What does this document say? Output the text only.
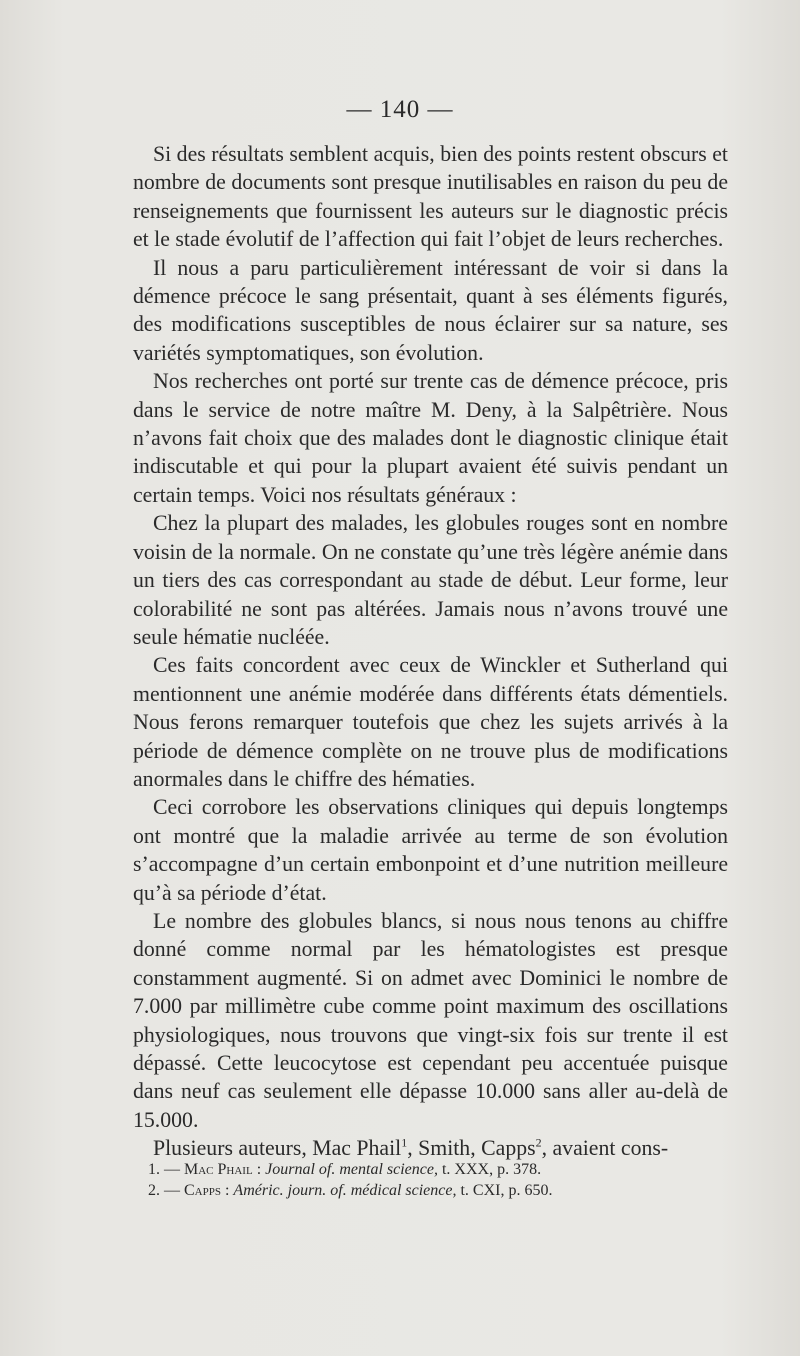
— 140 —

Si des résultats semblent acquis, bien des points restent obscurs et nombre de documents sont presque inutilisables en raison du peu de renseignements que fournissent les auteurs sur le diagnostic précis et le stade évolutif de l’affection qui fait l’objet de leurs recherches.

Il nous a paru particulièrement intéressant de voir si dans la démence précoce le sang présentait, quant à ses éléments figurés, des modifications susceptibles de nous éclairer sur sa nature, ses variétés symptomatiques, son évolution.

Nos recherches ont porté sur trente cas de démence précoce, pris dans le service de notre maître M. Deny, à la Salpêtrière. Nous n’avons fait choix que des malades dont le diagnostic clinique était indiscutable et qui pour la plupart avaient été suivis pendant un certain temps. Voici nos résultats généraux :

Chez la plupart des malades, les globules rouges sont en nombre voisin de la normale. On ne constate qu’une très légère anémie dans un tiers des cas correspondant au stade de début. Leur forme, leur colorabilité ne sont pas altérées. Jamais nous n’avons trouvé une seule hématie nucléée.

Ces faits concordent avec ceux de Winckler et Sutherland qui mentionnent une anémie modérée dans différents états démentiels. Nous ferons remarquer toutefois que chez les sujets arrivés à la période de démence complète on ne trouve plus de modifications anormales dans le chiffre des hématies.

Ceci corrobore les observations cliniques qui depuis longtemps ont montré que la maladie arrivée au terme de son évolution s’accompagne d’un certain embonpoint et d’une nutrition meilleure qu’à sa période d’état.

Le nombre des globules blancs, si nous nous tenons au chiffre donné comme normal par les hématologistes est presque constamment augmenté. Si on admet avec Dominici le nombre de 7.000 par millimètre cube comme point maximum des oscillations physiologiques, nous trouvons que vingt-six fois sur trente il est dépassé. Cette leucocytose est cependant peu accentuée puisque dans neuf cas seulement elle dépasse 10.000 sans aller au-delà de 15.000.

Plusieurs auteurs, Mac Phail$^1$, Smith, Capps$^2$, avaient cons-

1. — Mac Phail : Journal of. mental science, t. XXX, p. 378.

2. — Capps : Améric. journ. of. médical science, t. CXI, p. 650.
